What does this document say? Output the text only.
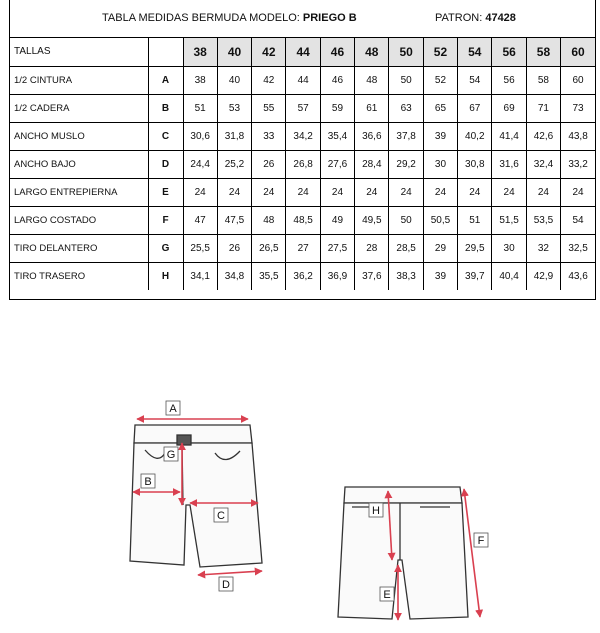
TABLA MEDIDAS BERMUDA MODELO: PRIEGO B	PATRON: 47428
TALLAS		38	40	42	44	46	48	50	52	54	56	58	60
1/2 CINTURA	A	38	40	42	44	46	48	50	52	54	56	58	60
1/2 CADERA	B	51	53	55	57	59	61	63	65	67	69	71	73
ANCHO MUSLO	C	30,6	31,8	33	34,2	35,4	36,6	37,8	39	40,2	41,4	42,6	43,8
ANCHO BAJO	D	24,4	25,2	26	26,8	27,6	28,4	29,2	30	30,8	31,6	32,4	33,2
LARGO ENTREPIERNA	E	24	24	24	24	24	24	24	24	24	24	24	24
LARGO COSTADO	F	47	47,5	48	48,5	49	49,5	50	50,5	51	51,5	53,5	54
TIRO DELANTERO	G	25,5	26	26,5	27	27,5	28	28,5	29	29,5	30	32	32,5
TIRO TRASERO	H	34,1	34,8	35,5	36,2	36,9	37,6	38,3	39	39,7	40,4	42,9	43,6
A
B
C
D
G
H
E
F
